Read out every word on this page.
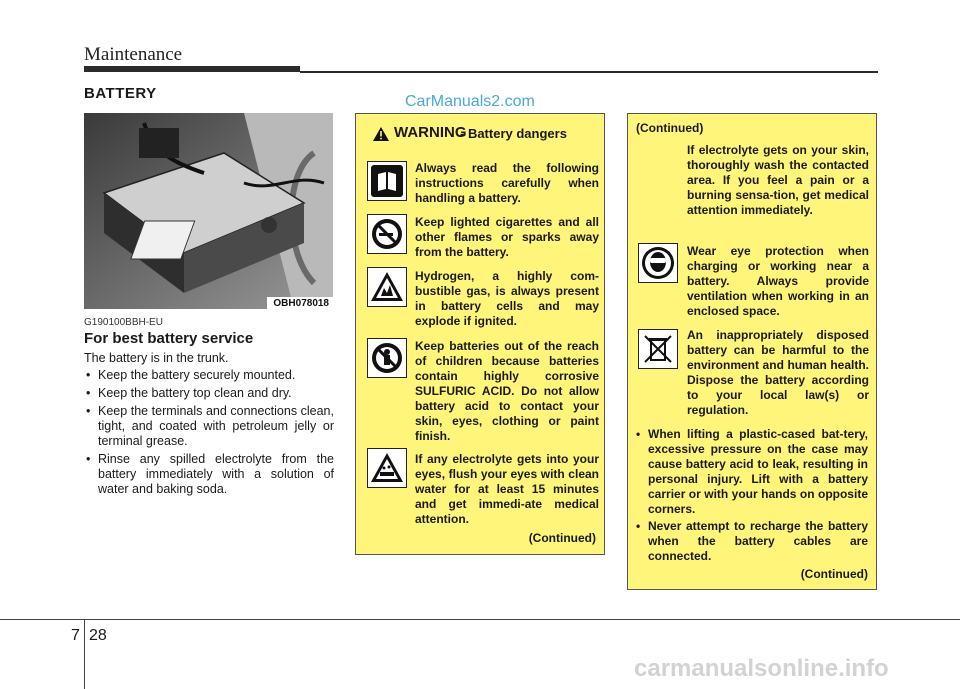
Maintenance
BATTERY	CarManuals2.com
OBH078018
G190100BBH-EU
For best battery service
The battery is in the trunk.
• Keep the battery securely mounted.
• Keep the battery top clean and dry.
• Keep the terminals and connections clean, tight, and coated with petroleum jelly or terminal grease.
• Rinse any spilled electrolyte from the battery immediately with a solution of water and baking soda.
WARNING
- Battery dangers
Always read the following instructions carefully when handling a battery.
Keep lighted cigarettes and all other flames or sparks away from the battery.
Hydrogen, a highly com-bustible gas, is always present in battery cells and may explode if ignited.
Keep batteries out of the reach of children because batteries contain highly corrosive SULFURIC ACID. Do not allow battery acid to contact your skin, eyes, clothing or paint finish.
If any electrolyte gets into your eyes, flush your eyes with clean water for at least 15 minutes and get immedi-ate medical attention.
(Continued)
(Continued)
If electrolyte gets on your skin, thoroughly wash the contacted area. If you feel a pain or a burning sensa-tion, get medical attention immediately.
Wear eye protection when charging or working near a battery. Always provide ventilation when working in an enclosed space.
An inappropriately disposed battery can be harmful to the environment and human health. Dispose the battery according to your local law(s) or regulation.
• When lifting a plastic-cased bat-tery, excessive pressure on the case may cause battery acid to leak, resulting in personal injury. Lift with a battery carrier or with your hands on opposite corners.
• Never attempt to recharge the battery when the battery cables are connected.
(Continued)
7 28
carmanualsonline.info
